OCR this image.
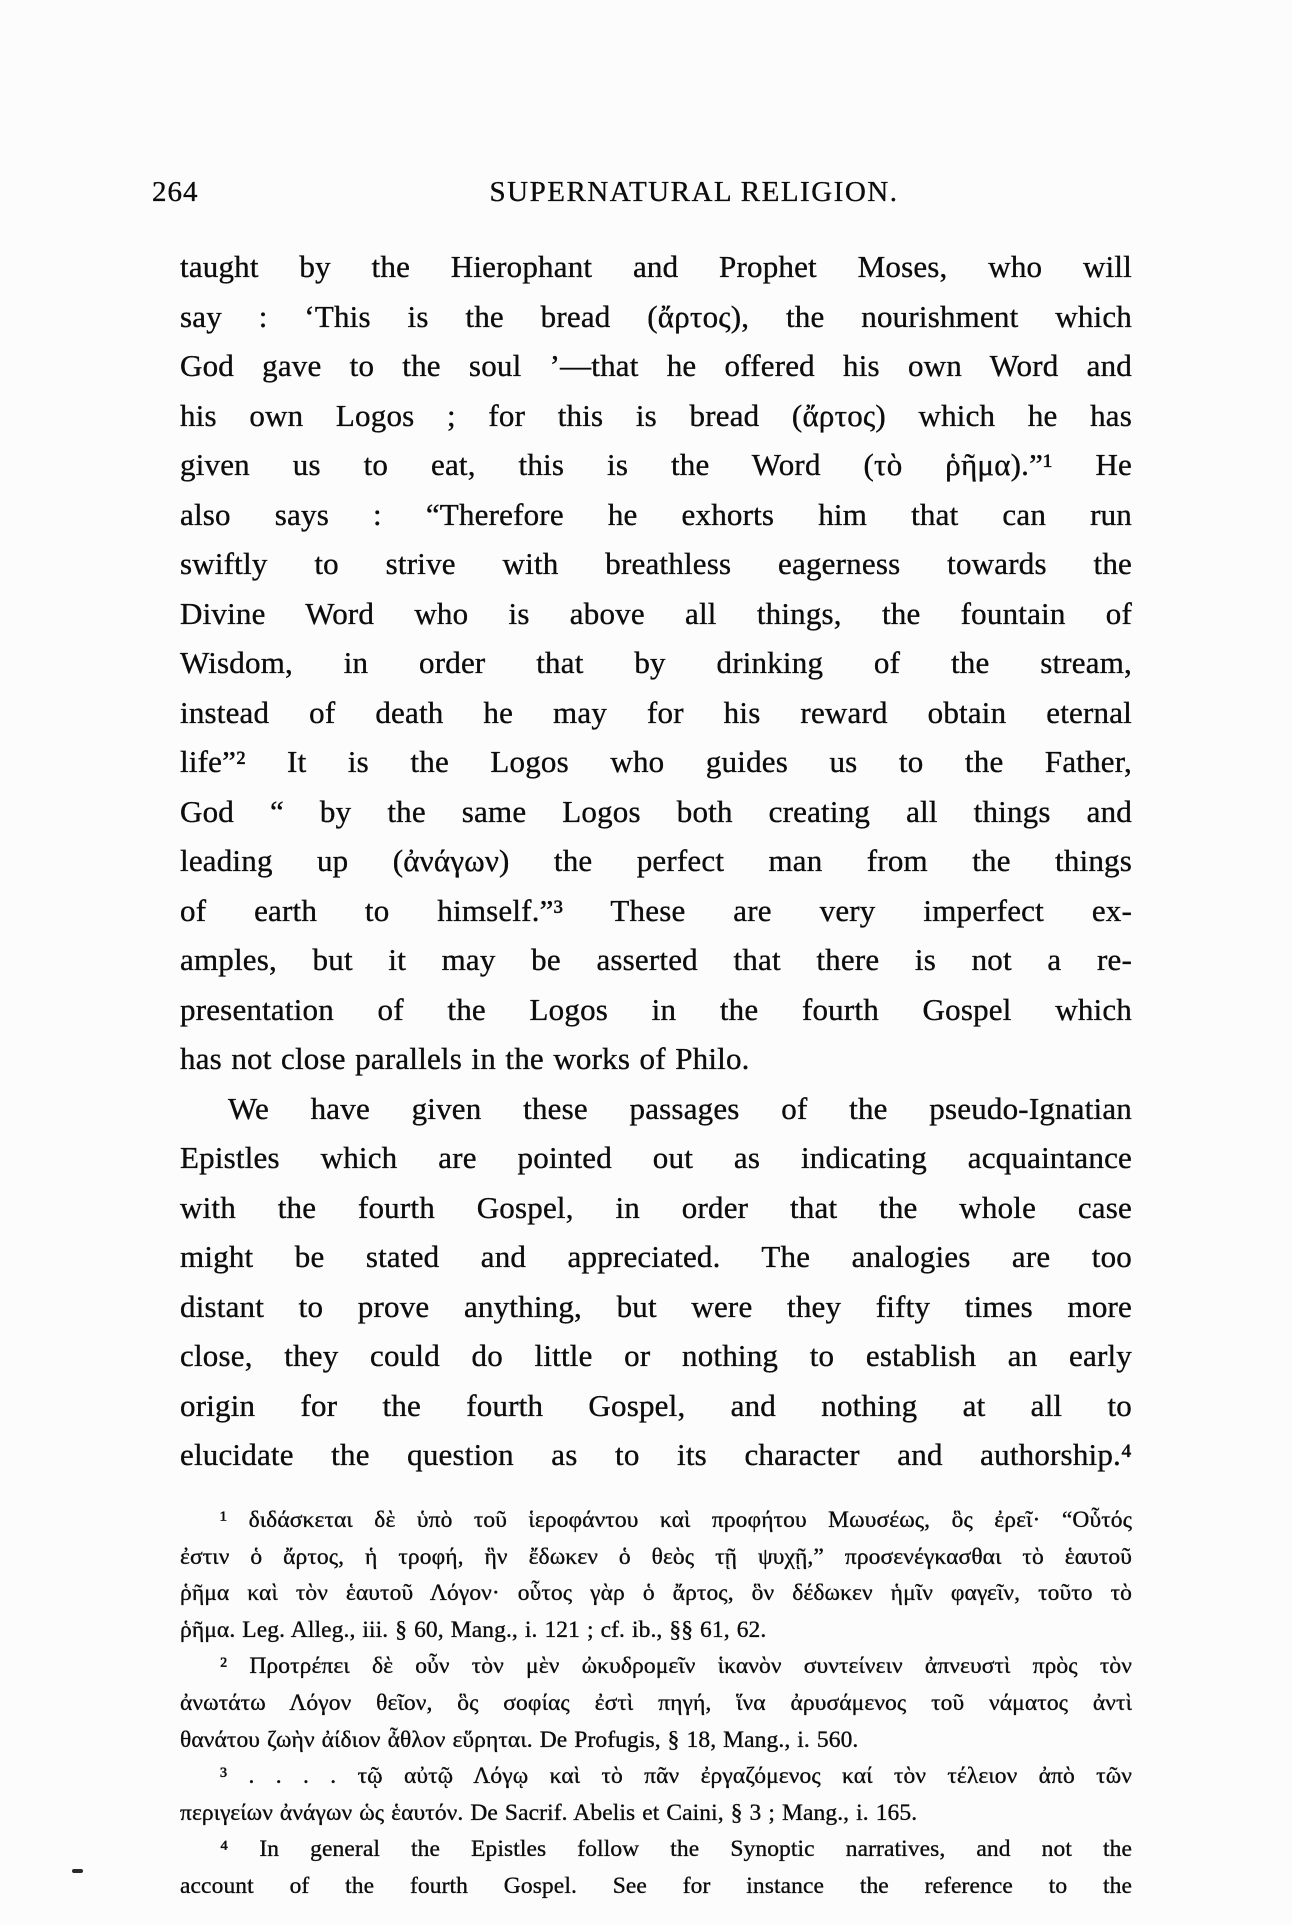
264	SUPERNATURAL RELIGION.
taught by the Hierophant and Prophet Moses, who will
say : ‘This is the bread (ἄρτος), the nourishment which
God gave to the soul ’—that he offered his own Word and
his own Logos ; for this is bread (ἄρτος) which he has
given us to eat, this is the Word (τὸ ῥῆμα).”¹ He
also says : “Therefore he exhorts him that can run
swiftly to strive with breathless eagerness towards the
Divine Word who is above all things, the fountain of
Wisdom, in order that by drinking of the stream,
instead of death he may for his reward obtain eternal
life”² It is the Logos who guides us to the Father,
God “ by the same Logos both creating all things and
leading up (ἀνάγων) the perfect man from the things
of earth to himself.”³ These are very imperfect ex-
amples, but it may be asserted that there is not a re-
presentation of the Logos in the fourth Gospel which
has not close parallels in the works of Philo.
We have given these passages of the pseudo-Ignatian
Epistles which are pointed out as indicating acquaintance
with the fourth Gospel, in order that the whole case
might be stated and appreciated. The analogies are too
distant to prove anything, but were they fifty times more
close, they could do little or nothing to establish an early
origin for the fourth Gospel, and nothing at all to
elucidate the question as to its character and authorship.⁴
¹ διδάσκεται δὲ ὑπὸ τοῦ ἱεροφάντου καὶ προφήτου Μωυσέως, ὃς ἐρεῖ· “Οὗτός
ἐστιν ὁ ἄρτος, ἡ τροφή, ἣν ἔδωκεν ὁ θεὸς τῇ ψυχῇ,” προσενέγκασθαι τὸ ἑαυτοῦ
ῥῆμα καὶ τὸν ἑαυτοῦ Λόγον· οὗτος γὰρ ὁ ἄρτος, ὃν δέδωκεν ἡμῖν φαγεῖν, τοῦτο τὸ
ῥῆμα. Leg. Alleg., iii. § 60, Mang., i. 121 ; cf. ib., §§ 61, 62.
² Προτρέπει δὲ οὖν τὸν μὲν ὠκυδρομεῖν ἱκανὸν συντείνειν ἀπνευστὶ πρὸς τὸν
ἀνωτάτω Λόγον θεῖον, ὃς σοφίας ἐστὶ πηγή, ἵνα ἀρυσάμενος τοῦ νάματος ἀντὶ
θανάτου ζωὴν ἀίδιον ἆθλον εὕρηται. De Profugis, § 18, Mang., i. 560.
³ . . . . τῷ αὐτῷ Λόγῳ καὶ τὸ πᾶν ἐργαζόμενος καί τὸν τέλειον ἀπὸ τῶν
περιγείων ἀνάγων ὡς ἑαυτόν. De Sacrif. Abelis et Caini, § 3 ; Mang., i. 165.
⁴ In general the Epistles follow the Synoptic narratives, and not the
account of the fourth Gospel. See for instance the reference to the
